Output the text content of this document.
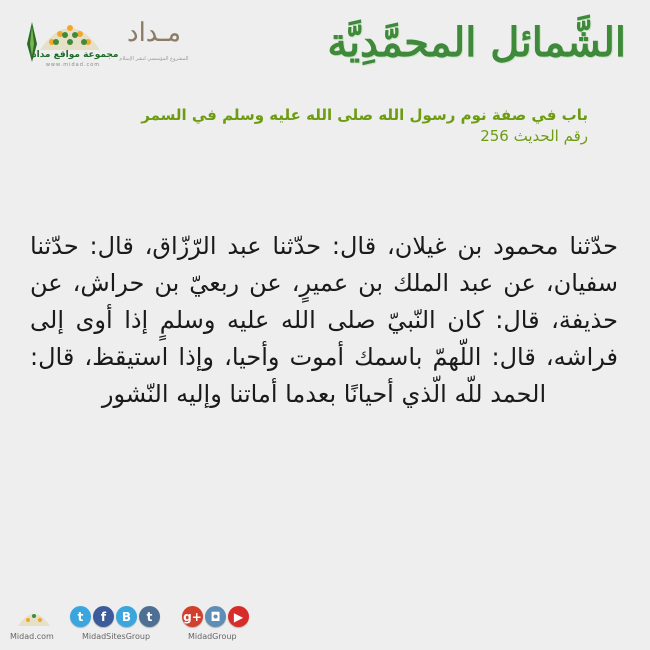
مجموعة مواقع مداد
www.midad.com
مـداد
المشروع المؤسسي لنشر الإسلام	الشَّمائل المحمَّدِيَّة
باب في صفة نوم رسول الله صلى الله عليه وسلم في السمر
رقم الحديث 256
حدّثنا محمود بن غيلان، قال: حدّثنا عبد الرّزّاق، قال: حدّثنا سفيان، عن عبد الملك بن عميرٍ، عن ربعيّ بن حراش، عن حذيفة، قال: كان النّبيّ صلى الله عليه وسلمٍ إذا أوى إلى فراشه، قال: اللّهمّ باسمك أموت وأحيا، وإذا استيقظ، قال: الحمد للّه الّذي أحيانًا بعدما أماتنا وإليه النّشور
Midad.com
t	f	B	t
MidadSitesGroup
g+ ◘	▶
MidadGroup
